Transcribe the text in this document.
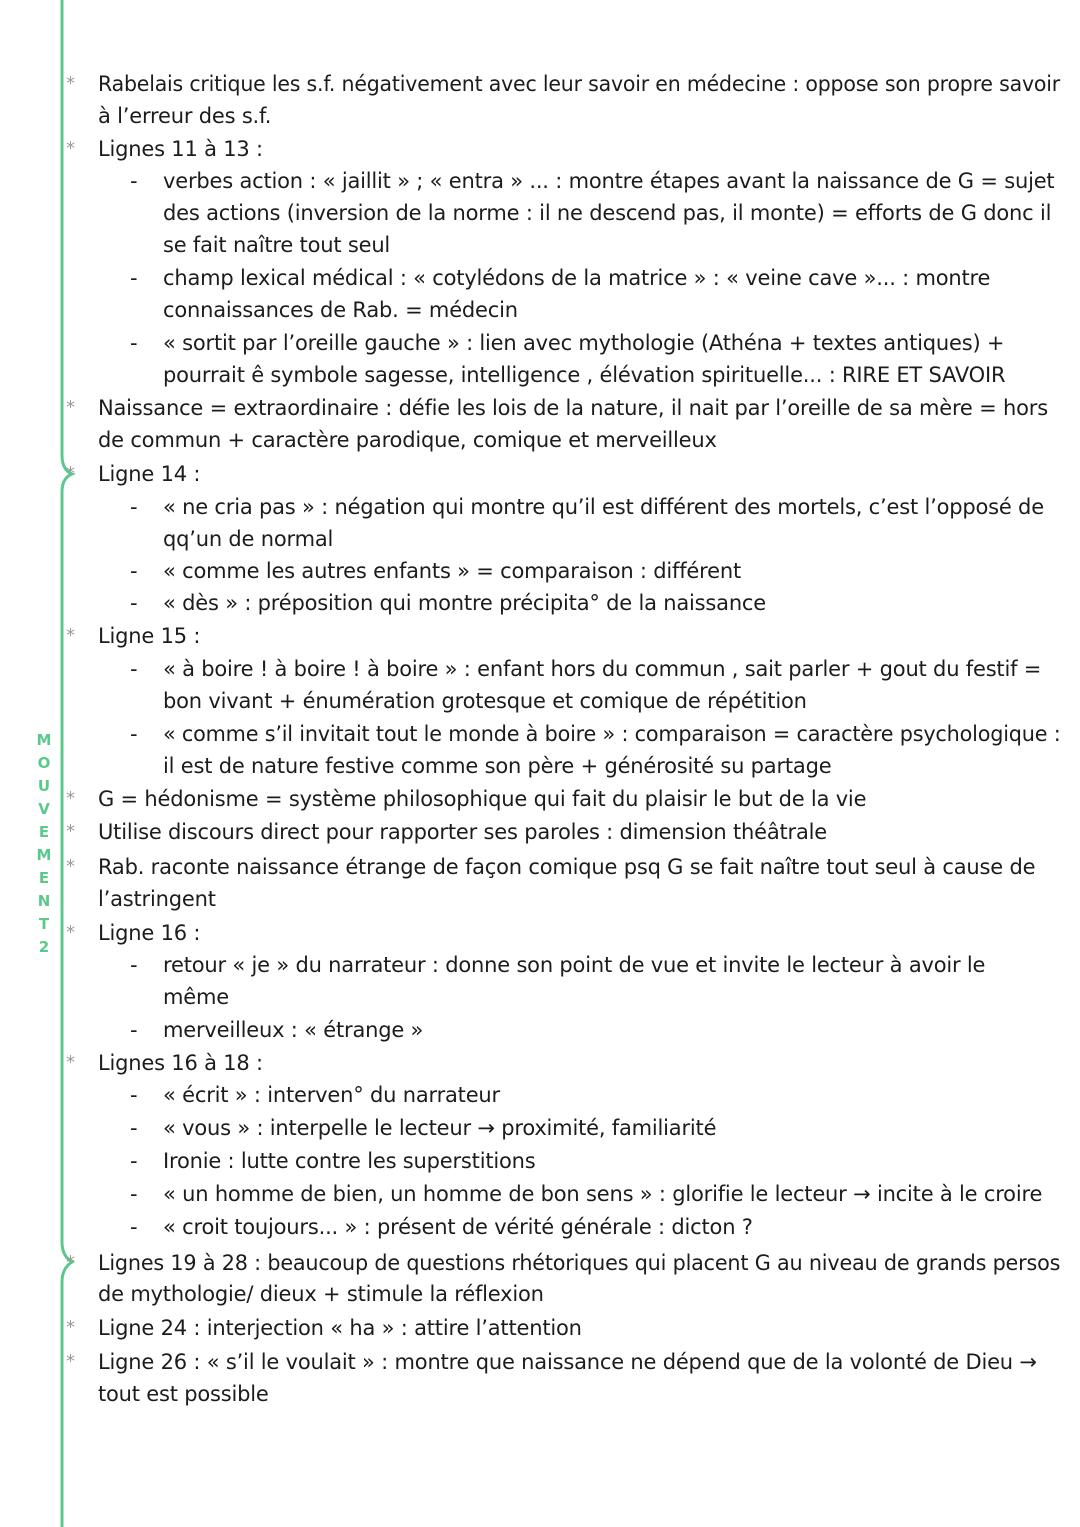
M
O
U
V
E
M
E
N
T
2
* Rabelais critique les s.f. négativement avec leur savoir en médecine : oppose son propre savoir
à l’erreur des s.f.
* Lignes 11 à 13 :
- verbes action : « jaillit » ; « entra » ... : montre étapes avant la naissance de G = sujet
des actions (inversion de la norme : il ne descend pas, il monte) = efforts de G donc il
se fait naître tout seul
- champ lexical médical : « cotylédons de la matrice » : « veine cave »... : montre
connaissances de Rab. = médecin
- « sortit par l’oreille gauche » : lien avec mythologie (Athéna + textes antiques) +
pourrait ê symbole sagesse, intelligence , élévation spirituelle... : RIRE ET SAVOIR
* Naissance = extraordinaire : défie les lois de la nature, il nait par l’oreille de sa mère = hors
de commun + caractère parodique, comique et merveilleux
* Ligne 14 :
- « ne cria pas » : négation qui montre qu’il est différent des mortels, c’est l’opposé de
qq’un de normal
- « comme les autres enfants » = comparaison : différent
- « dès » : préposition qui montre précipita° de la naissance
* Ligne 15 :
- « à boire ! à boire ! à boire » : enfant hors du commun , sait parler + gout du festif =
bon vivant + énumération grotesque et comique de répétition
- « comme s’il invitait tout le monde à boire » : comparaison = caractère psychologique :
il est de nature festive comme son père + générosité su partage
* G = hédonisme = système philosophique qui fait du plaisir le but de la vie
* Utilise discours direct pour rapporter ses paroles : dimension théâtrale
* Rab. raconte naissance étrange de façon comique psq G se fait naître tout seul à cause de
l’astringent
* Ligne 16 :
- retour « je » du narrateur : donne son point de vue et invite le lecteur à avoir le
même
- merveilleux : « étrange »
* Lignes 16 à 18 :
- « écrit » : interven° du narrateur
- « vous » : interpelle le lecteur → proximité, familiarité
- Ironie : lutte contre les superstitions
- « un homme de bien, un homme de bon sens » : glorifie le lecteur → incite à le croire
- « croit toujours... » : présent de vérité générale : dicton ?
* Lignes 19 à 28 : beaucoup de questions rhétoriques qui placent G au niveau de grands persos
de mythologie/ dieux + stimule la réflexion
* Ligne 24 : interjection « ha » : attire l’attention
* Ligne 26 : « s’il le voulait » : montre que naissance ne dépend que de la volonté de Dieu →
tout est possible
